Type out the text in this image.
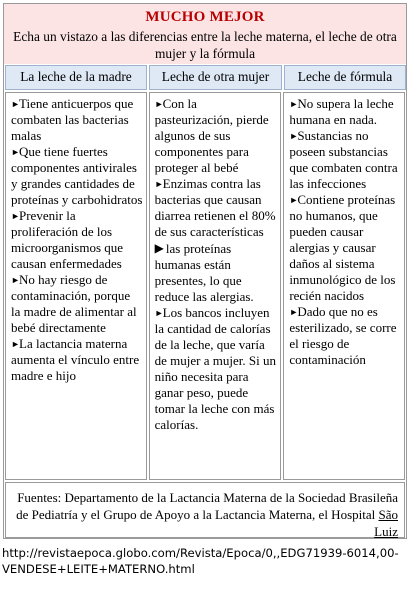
MUCHO MEJOR
Echa un vistazo a las diferencias entre la leche materna, el leche de otra mujer y la fórmula
La leche de la madre	Leche de otra mujer	Leche de fórmula

►Tiene anticuerpos que combaten las bacterias malas

►Que tiene fuertes componentes antivirales y grandes cantidades de proteínas y carbohidratos

►Prevenir la proliferación de los microorganismos que causan enfermedades

►No hay riesgo de contaminación, porque la madre de alimentar al bebé directamente

►La lactancia materna aumenta el vínculo entre madre e hijo

►Con la pasteurización, pierde algunos de sus componentes para proteger al bebé

►Enzimas contra las bacterias que causan diarrea retienen el 80% de sus características

▶ las proteínas humanas están presentes, lo que reduce las alergias.

►Los bancos incluyen la cantidad de calorías de la leche, que varía de mujer a mujer. Si un niño necesita para ganar peso, puede tomar la leche con más calorías.

►No supera la leche humana en nada.

►Sustancias no poseen substancias que combaten contra las infecciones

►Contiene proteínas no humanos, que pueden causar alergias y causar daños al sistema inmunológico de los recién nacidos

►Dado que no es esterilizado, se corre el riesgo de contaminación

Fuentes: Departamento de la Lactancia Materna de la Sociedad Brasileña de Pediatría y el Grupo de Apoyo a la Lactancia Materna, el Hospital São Luiz
http://revistaepoca.globo.com/Revista/Epoca/0,,EDG71939-6014,00-VENDESE+LEITE+MATERNO.html
